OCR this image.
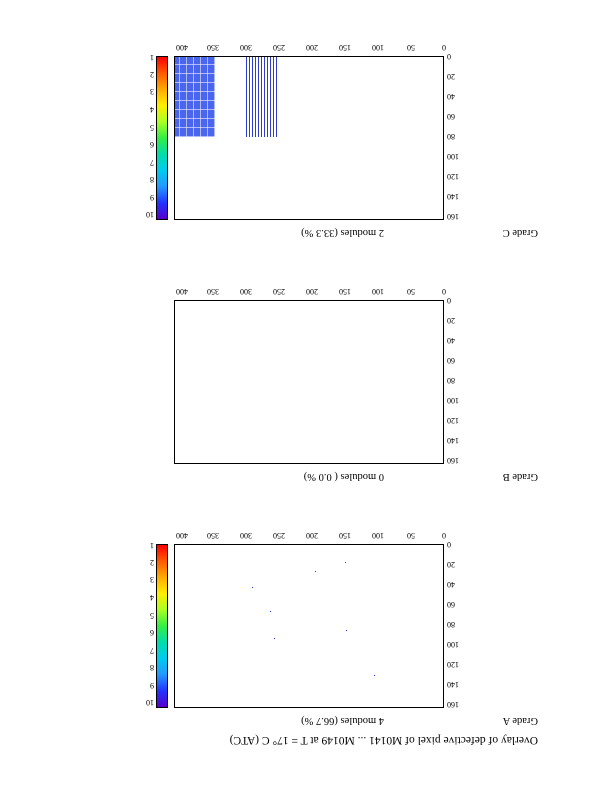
Overlay of defective pixel of M0141 ... M0149 at T = 17° C (ATC)
Grade A
4 modules (66.7 %)
0
50
100
150
200
250
300
350
400
0
20
40
60
80
100
120
140
160
1
2
3
4
5
6
7
8
9
10
Grade B
0 modules ( 0.0 %)
0
50
100
150
200
250
300
350
400
0
20
40
60
80
100
120
140
160
Grade C
2 modules (33.3 %)
0
50
100
150
200
250
300
350
400
0
20
40
60
80
100
120
140
160
1
2
3
4
5
6
7
8
9
10
